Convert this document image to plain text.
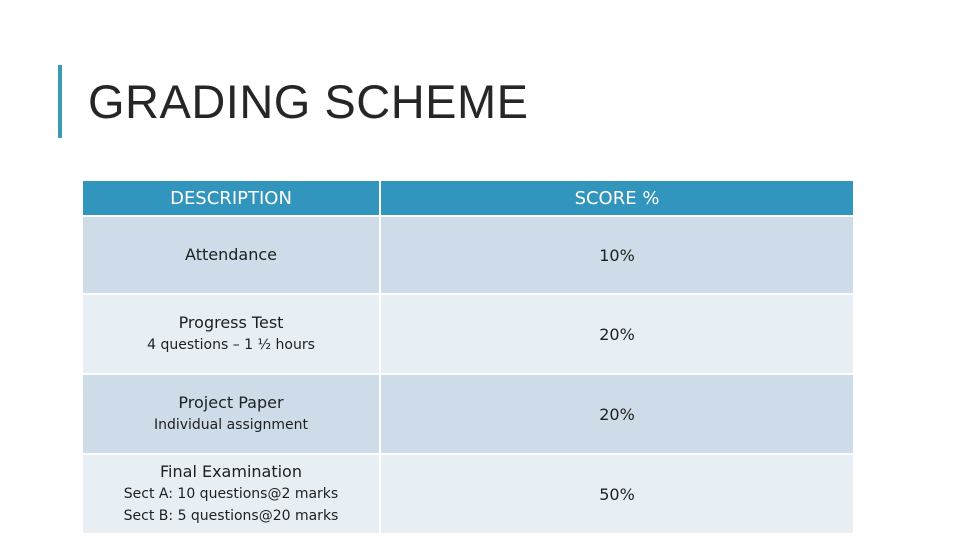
GRADING SCHEME
DESCRIPTION	SCORE %

Attendance	10%

Progress Test
4 questions – 1 ½ hours	20%

Project Paper
Individual assignment	20%

Final Examination
Sect A: 10 questions@2 marks
Sect B: 5 questions@20 marks	50%
